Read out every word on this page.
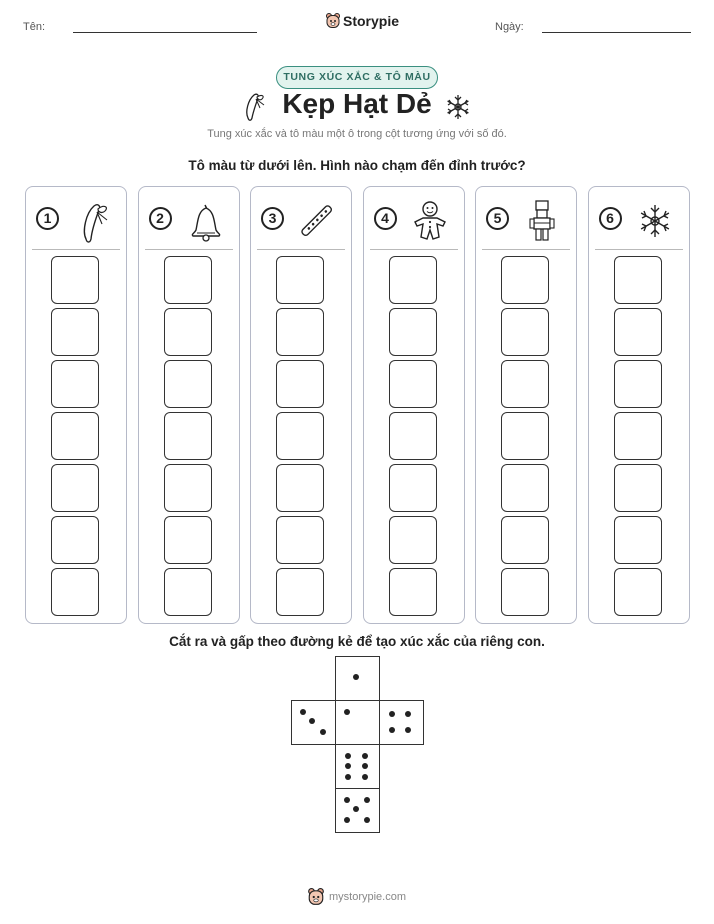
Tên:	Storypie	Ngày:
TUNG XÚC XẮC & TÔ MÀU
Kẹp Hạt Dẻ
Tung xúc xắc và tô màu một ô trong cột tương ứng với số đó.
Tô màu từ dưới lên. Hình nào chạm đến đỉnh trước?
1	2	3	4	5	6
Cắt ra và gấp theo đường kẻ để tạo xúc xắc của riêng con.
mystorypie.com
